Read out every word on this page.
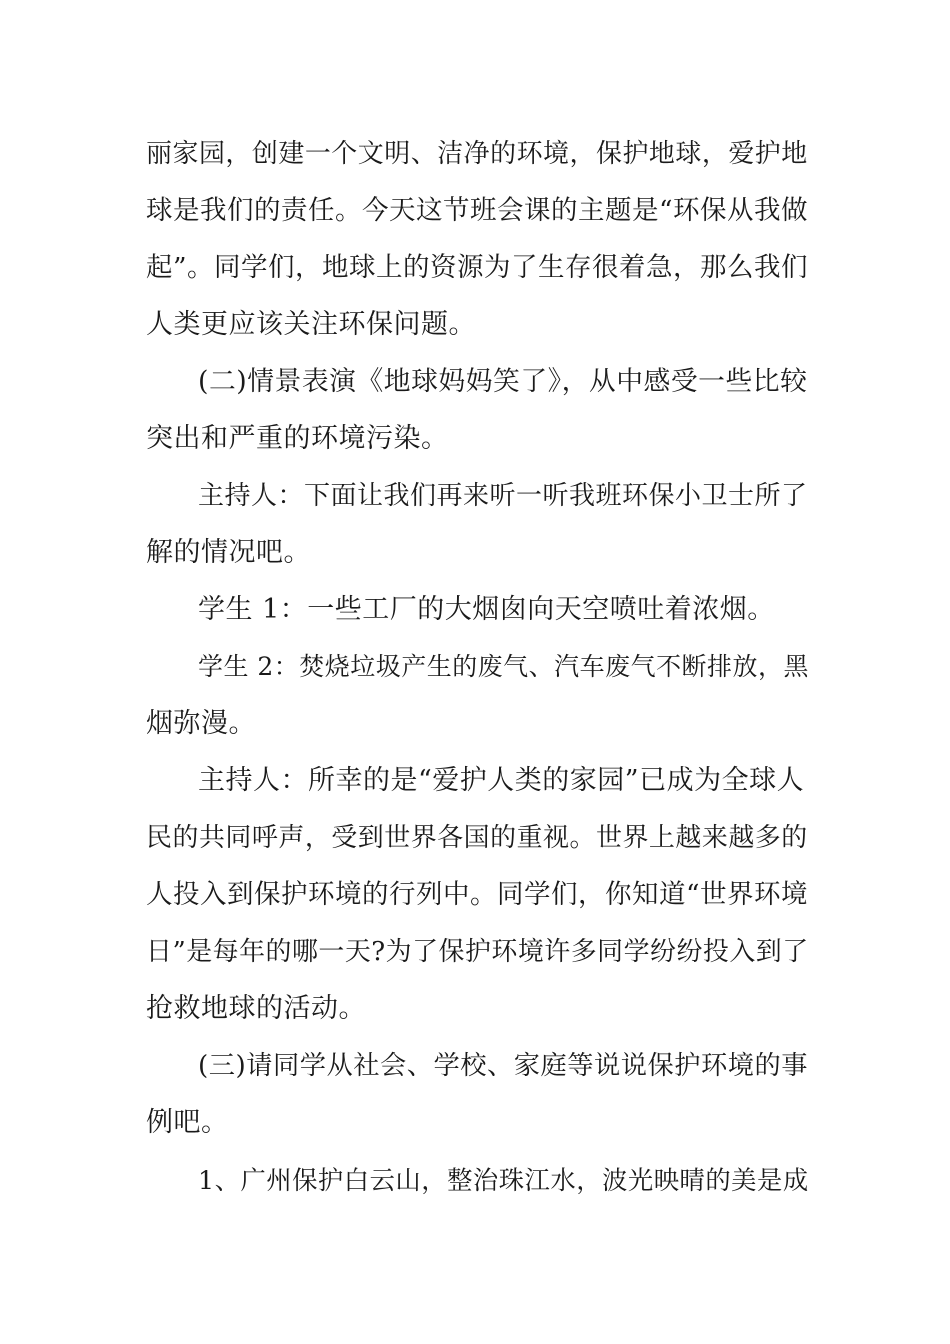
丽家园，创建一个文明、洁净的环境，保护地球，爱护地
球是我们的责任。今天这节班会课的主题是“环保从我做
起”。同学们，地球上的资源为了生存很着急，那么我们
人类更应该关注环保问题。
(二)情景表演《地球妈妈笑了》，从中感受一些比较
突出和严重的环境污染。
主持人：下面让我们再来听一听我班环保小卫士所了
解的情况吧。
学生 1：一些工厂的大烟囱向天空喷吐着浓烟。
学生 2：焚烧垃圾产生的废气、汽车废气不断排放，黑
烟弥漫。
主持人：所幸的是“爱护人类的家园”已成为全球人
民的共同呼声，受到世界各国的重视。世界上越来越多的
人投入到保护环境的行列中。同学们，你知道“世界环境
日”是每年的哪一天?为了保护环境许多同学纷纷投入到了
抢救地球的活动。
(三)请同学从社会、学校、家庭等说说保护环境的事
例吧。
1、广州保护白云山，整治珠江水，波光映晴的美是成
